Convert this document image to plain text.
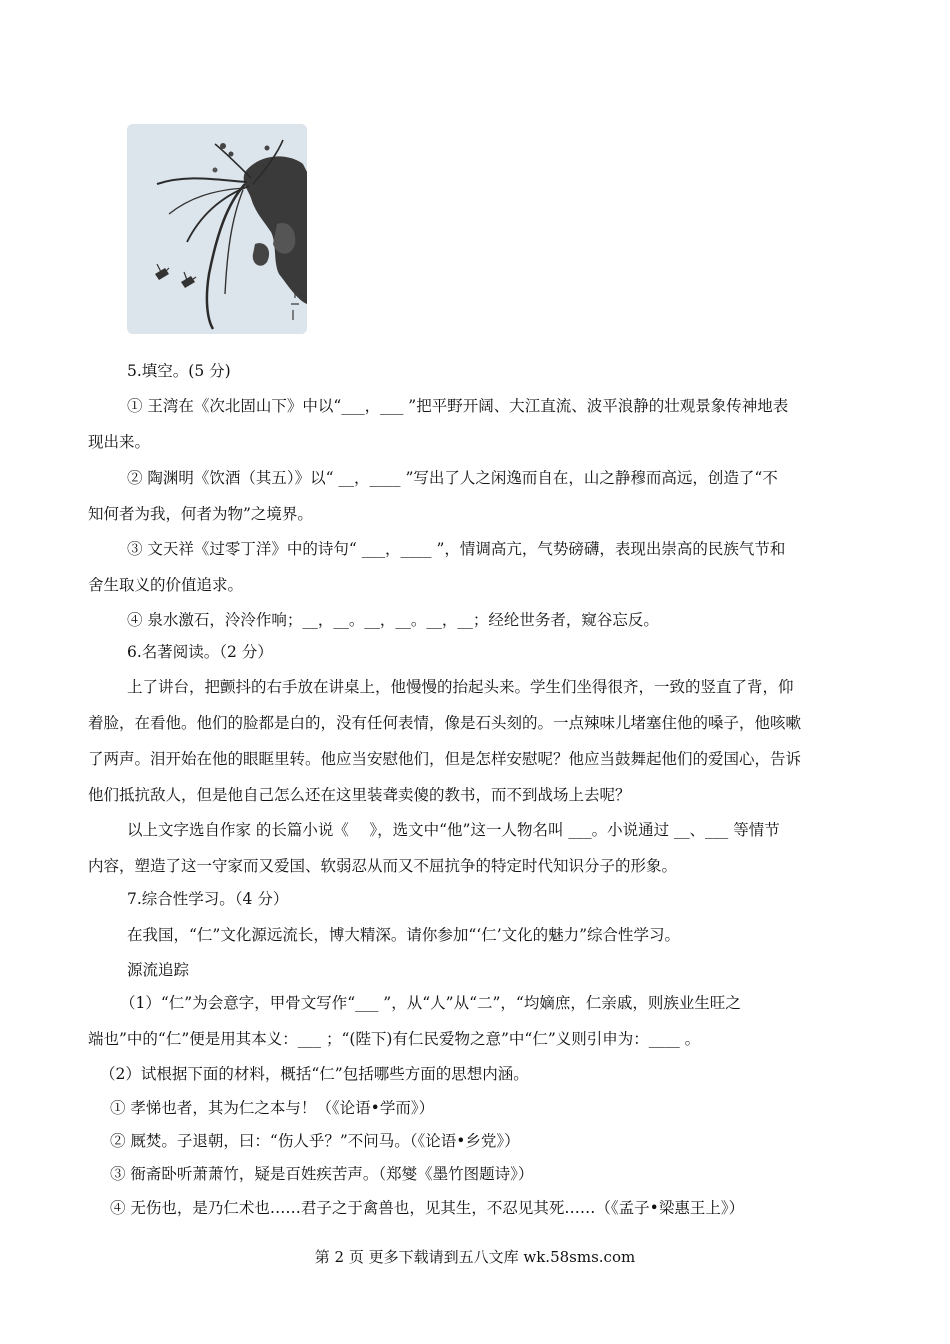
5.填空。(5 分)
① 王湾在《次北固山下》中以“___，___ ”把平野开阔、大江直流、波平浪静的壮观景象传神地表
现出来。
② 陶渊明《饮酒（其五）》以“ __，____ ”写出了人之闲逸而自在，山之静穆而高远，创造了“不
知何者为我，何者为物”之境界。
③ 文天祥《过零丁洋》中的诗句“ ___，____ ”，情调高亢，气势磅礴，表现出崇高的民族气节和
舍生取义的价值追求。
④ 泉水激石，泠泠作响；__，__。__，__。__，__；经纶世务者，窥谷忘反。
6.名著阅读。（2 分）
上了讲台，把颤抖的右手放在讲桌上，他慢慢的抬起头来。学生们坐得很齐，一致的竖直了背，仰
着脸，在看他。他们的脸都是白的，没有任何表情，像是石头刻的。一点辣味儿堵塞住他的嗓子，他咳嗽
了两声。泪开始在他的眼眶里转。他应当安慰他们，但是怎样安慰呢？他应当鼓舞起他们的爱国心，告诉
他们抵抗敌人，但是他自己怎么还在这里装聋卖傻的教书，而不到战场上去呢？
以上文字选自作家 的长篇小说《　 》，选文中“他”这一人物名叫 ___。小说通过 __、___ 等情节
内容，塑造了这一守家而又爱国、软弱忍从而又不屈抗争的特定时代知识分子的形象。
7.综合性学习。（4 分）
在我国，“仁”文化源远流长，博大精深。请你参加“‘仁’文化的魅力”综合性学习。
源流追踪
（1）“仁”为会意字，甲骨文写作“___ ”，从“人”从“二”，“均嫡庶，仁亲戚，则族业生旺之
端也”中的“仁”便是用其本义：___ ；“(陛下)有仁民爱物之意”中“仁”义则引申为：____ 。
（2）试根据下面的材料，概括“仁”包括哪些方面的思想内涵。
① 孝悌也者，其为仁之本与！（《论语•学而》）
② 厩焚。子退朝，曰：“伤人乎？”不问马。（《论语•乡党》）
③ 衙斋卧听萧萧竹，疑是百姓疾苦声。（郑燮《墨竹图题诗》）
④ 无伤也，是乃仁术也……君子之于禽兽也，见其生，不忍见其死……（《孟子•梁惠王上》）
第 2 页 更多下载请到五八文库 wk.58sms.com
